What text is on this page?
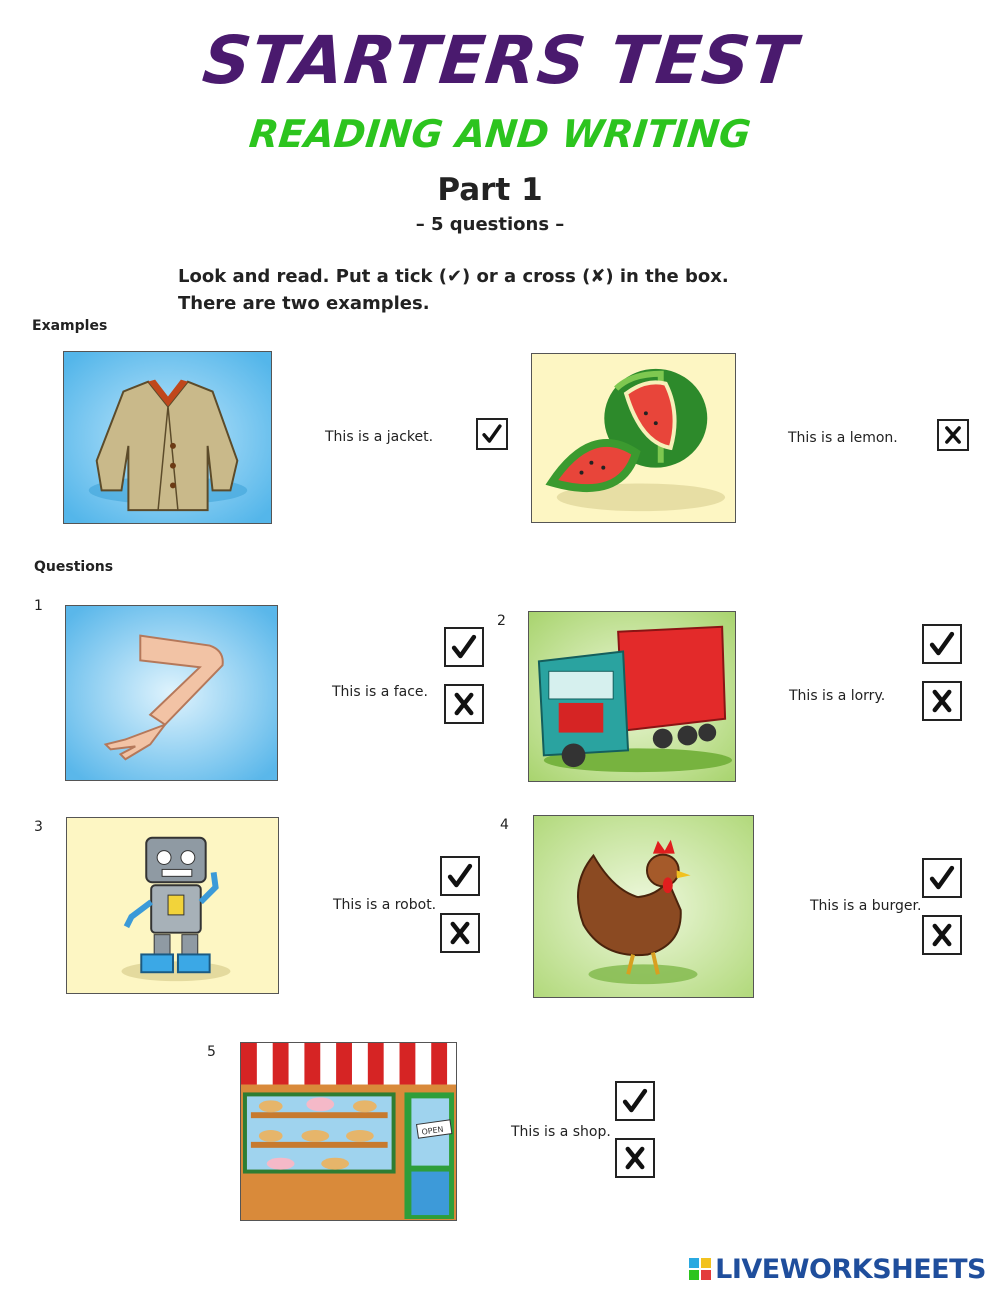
STARTERS TEST
READING AND WRITING
Part 1
– 5 questions –
Look and read. Put a tick (✔) or a cross (✘) in the box.
There are two examples.
Examples
This is a jacket.	This is a lemon.
Questions
1
This is a face.
2
This is a lorry.
3
This is a robot.
4
This is a burger.
5
OPEN	This is a shop.
LIVEWORKSHEETS
